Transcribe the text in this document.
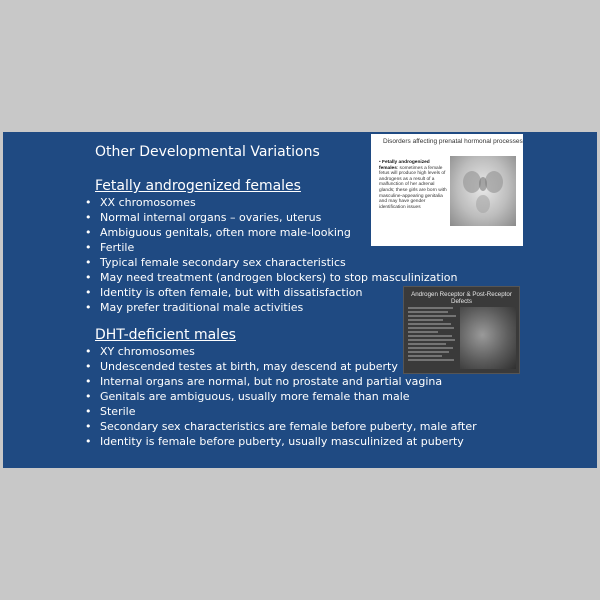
Other Developmental Variations
Fetally androgenized females
• XX chromosomes
• Normal internal organs – ovaries, uterus
• Ambiguous genitals, often more male-looking
• Fertile
• Typical female secondary sex characteristics
• May need treatment (androgen blockers) to stop masculinization
• Identity is often female, but with dissatisfaction
• May prefer traditional male activities
DHT-deficient males
• XY chromosomes
• Undescended testes at birth, may descend at puberty
• Internal organs are normal, but no prostate and partial vagina
• Genitals are ambiguous, usually more female than male
• Sterile
• Secondary sex characteristics are female before puberty, male after
• Identity is female before puberty, usually masculinized at puberty
Disorders affecting prenatal hormonal processes
• Fetally androgenized females: sometimes a female fetus will produce high levels of androgens as a result of a malfunction of her adrenal glands; these girls are born with masculine-appearing genitalia and may have gender identification issues
Androgen Receptor & Post-Receptor Defects
